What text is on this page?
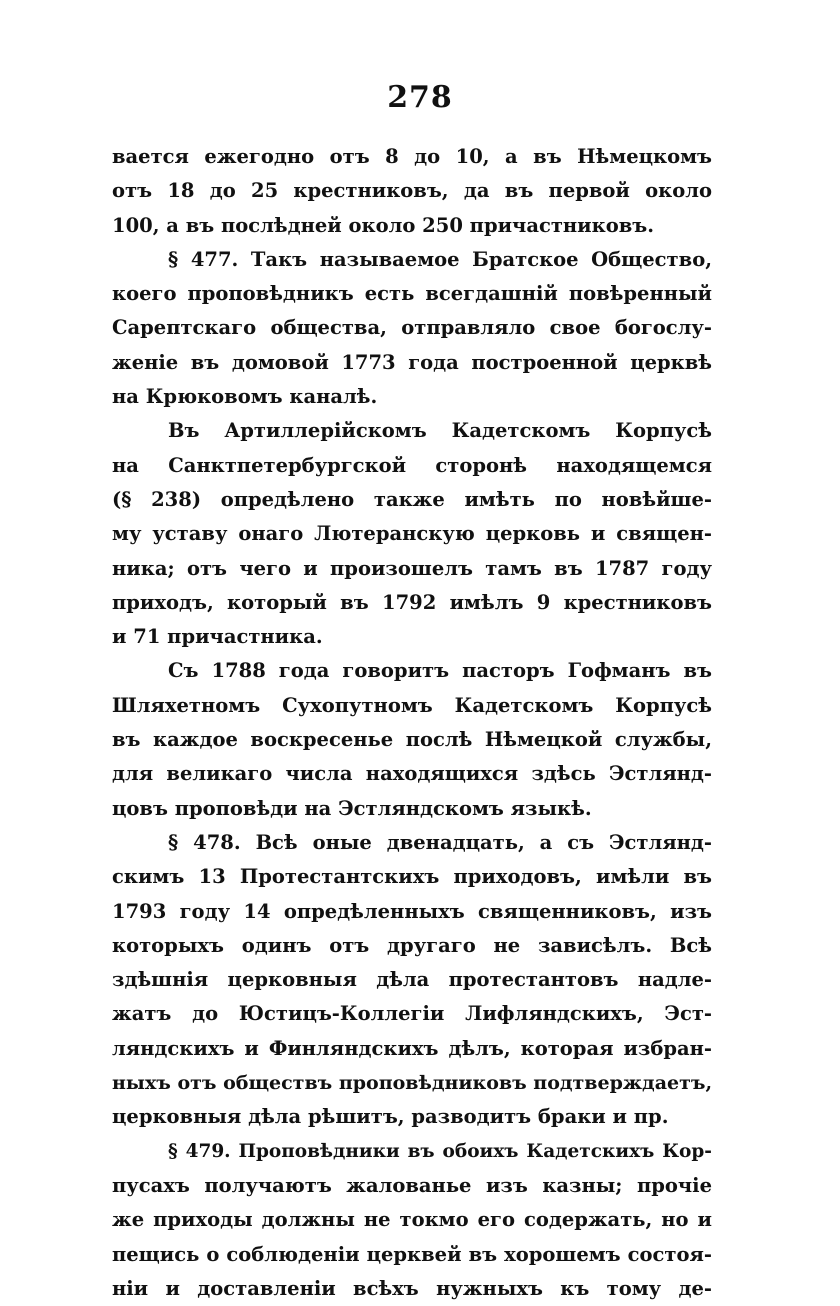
278
вается ежегодно отъ 8 до 10, а въ Нѣмецкомъ
отъ 18 до 25 крестниковъ, да въ первой около
100, а въ послѣдней около 250 причастниковъ.
§ 477. Такъ называемое Братское Общество,
коего проповѣдникъ есть всегдашній повѣренный
Сарептскаго общества, отправляло свое богослу-
женіе въ домовой 1773 года построенной церквѣ
на Крюковомъ каналѣ.
Въ Артиллерійскомъ Кадетскомъ Корпусѣ
на Санктпетербургской сторонѣ находящемся
(§ 238) опредѣлено также имѣть по новѣйше-
му уставу онаго Лютеранскую церковь и священ-
ника; отъ чего и произошелъ тамъ въ 1787 году
приходъ, который въ 1792 имѣлъ 9 крестниковъ
и 71 причастника.
Съ 1788 года говоритъ пасторъ Гофманъ въ
Шляхетномъ Сухопутномъ Кадетскомъ Корпусѣ
въ каждое воскресенье послѣ Нѣмецкой службы,
для великаго числа находящихся здѣсь Эстлянд-
цовъ проповѣди на Эстляндскомъ языкѣ.
§ 478. Всѣ оные двенадцать, а съ Эстлянд-
скимъ 13 Протестантскихъ приходовъ, имѣли въ
1793 году 14 опредѣленныхъ священниковъ, изъ
которыхъ одинъ отъ другаго не зависѣлъ. Всѣ
здѣшнія церковныя дѣла протестантовъ надле-
жатъ до Юстицъ-Коллегіи Лифляндскихъ, Эст-
ляндскихъ и Финляндскихъ дѣлъ, которая избран-
ныхъ отъ обществъ проповѣдниковъ подтверждаетъ,
церковныя дѣла рѣшитъ, разводитъ браки и пр.
§ 479. Проповѣдники въ обоихъ Кадетскихъ Кор-
пусахъ получаютъ жалованье изъ казны; прочіе
же приходы должны не токмо его содержать, но и
пещись о соблюденіи церквей въ хорошемъ состоя-
ніи и доставленіи всѣхъ нужныхъ къ тому де-
